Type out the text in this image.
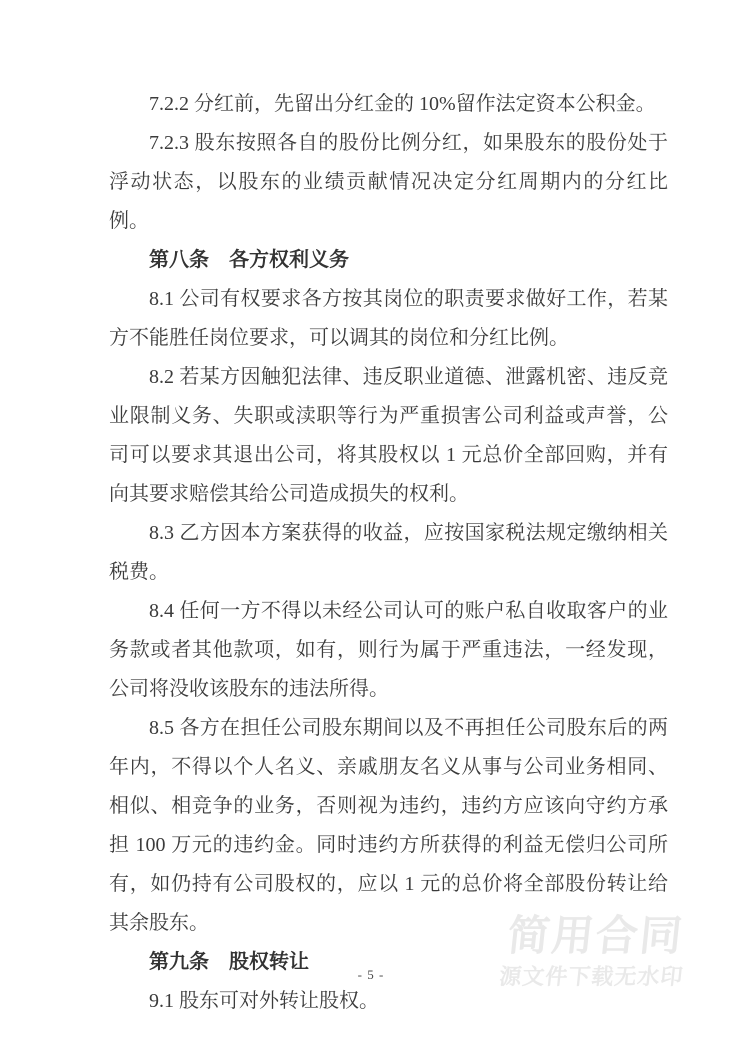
简用合同
源文件下载无水印

7.2.2 分红前，先留出分红金的 10%留作法定资本公积金。

7.2.3 股东按照各自的股份比例分红，如果股东的股份处于浮动状态，以股东的业绩贡献情况决定分红周期内的分红比例。

第八条　各方权利义务

8.1 公司有权要求各方按其岗位的职责要求做好工作，若某方不能胜任岗位要求，可以调其的岗位和分红比例。

8.2 若某方因触犯法律、违反职业道德、泄露机密、违反竞业限制义务、失职或渎职等行为严重损害公司利益或声誉，公司可以要求其退出公司，将其股权以 1 元总价全部回购，并有向其要求赔偿其给公司造成损失的权利。

8.3 乙方因本方案获得的收益，应按国家税法规定缴纳相关税费。

8.4 任何一方不得以未经公司认可的账户私自收取客户的业务款或者其他款项，如有，则行为属于严重违法，一经发现，公司将没收该股东的违法所得。

8.5 各方在担任公司股东期间以及不再担任公司股东后的两年内，不得以个人名义、亲戚朋友名义从事与公司业务相同、相似、相竞争的业务，否则视为违约，违约方应该向守约方承担 100 万元的违约金。同时违约方所获得的利益无偿归公司所有，如仍持有公司股权的，应以 1 元的总价将全部股份转让给其余股东。

第九条　股权转让

9.1 股东可对外转让股权。

- 5 -
